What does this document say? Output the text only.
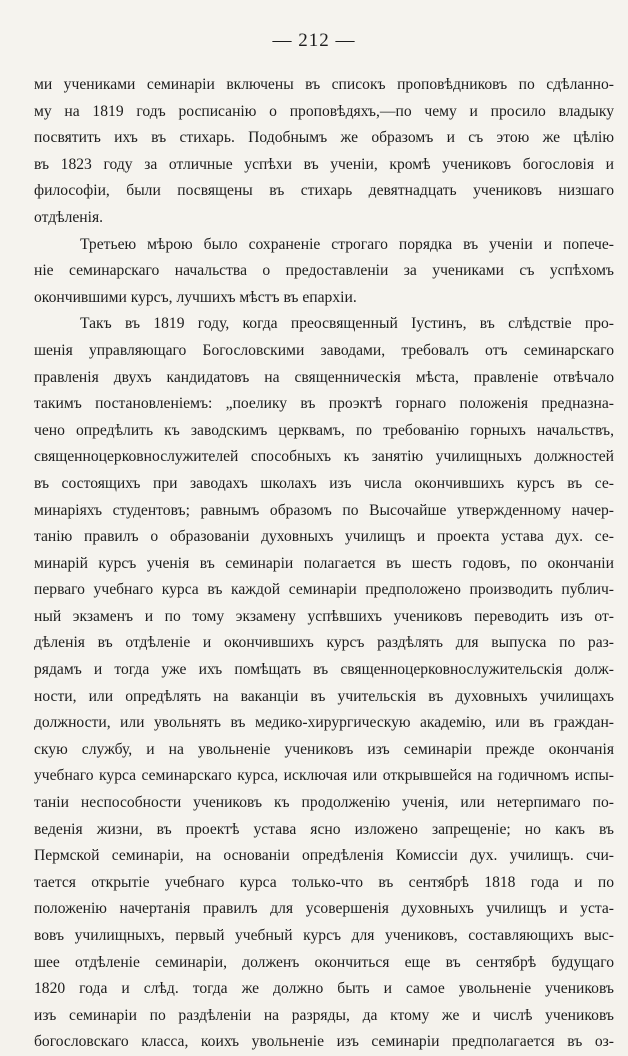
— 212 —
ми учениками семинарiи включены въ списокъ проповѣдниковъ по сдѣланно-
му на 1819 годъ росписанiю о проповѣдяхъ,—по чему и просило владыку
посвятить ихъ въ стихарь. Подобнымъ же образомъ и съ этою же цѣлiю
въ 1823 году за отличные успѣхи въ ученiи, кромѣ учениковъ богословiя и
философiи, были посвящены въ стихарь девятнадцать учениковъ низшаго
отдѣленiя.
Третьею мѣрою было сохраненiе строгаго порядка въ ученiи и попече-
нiе семинарскаго начальства о предоставленiи за учениками съ успѣхомъ
окончившими курсъ, лучшихъ мѣстъ въ епархiи.
Такъ въ 1819 году, когда преосвященный Iустинъ, въ слѣдствiе про-
шенiя управляющаго Богословскими заводами, требовалъ отъ семинарскаго
правленiя двухъ кандидатовъ на священническiя мѣста, правленiе отвѣчало
такимъ постановленiемъ: „поелику въ проэктѣ горнаго положенiя предназна-
чено опредѣлить къ заводскимъ церквамъ, по требованiю горныхъ начальствъ,
священноцерковнослужителей способныхъ къ занятiю училищныхъ должностей
въ состоящихъ при заводахъ школахъ изъ числа окончившихъ курсъ въ се-
минарiяхъ студентовъ; равнымъ образомъ по Высочайше утвержденному начер-
танiю правилъ о образованiи духовныхъ училищъ и проекта устава дух. се-
минарiй курсъ ученiя въ семинарiи полагается въ шесть годовъ, по окончанiи
перваго учебнаго курса въ каждой семинарiи предположено производить публич-
ный экзаменъ и по тому экзамену успѣвшихъ учениковъ переводить изъ от-
дѣленiя въ отдѣленiе и окончившихъ курсъ раздѣлять для выпуска по раз-
рядамъ и тогда уже ихъ помѣщать въ священноцерковнослужительскiя долж-
ности, или опредѣлять на ваканцiи въ учительскiя въ духовныхъ училищахъ
должности, или увольнять въ медико-хирургическую академiю, или въ граждан-
скую службу, и на увольненiе учениковъ изъ семинарiи прежде окончанiя
учебнаго курса семинарскаго курса, исключая или открывшейся на годичномъ испы-
танiи неспособности учениковъ къ продолженiю ученiя, или нетерпимаго по-
веденiя жизни, въ проектѣ устава ясно изложено запрещенiе; но какъ въ
Пермской семинарiи, на основанiи опредѣленiя Комиссiи дух. училищъ. счи-
тается открытiе учебнаго курса только-что въ сентябрѣ 1818 года и по
положенiю начертанiя правилъ для усовершенiя духовныхъ училищъ и уста-
вовъ училищныхъ, первый учебный курсъ для учениковъ, составляющихъ выс-
шее отдѣленiе семинарiи, долженъ окончиться еще въ сентябрѣ будущаго
1820 года и слѣд. тогда же должно быть и самое увольненiе учениковъ
изъ семинарiи по раздѣленiи на разряды, да ктому же и числѣ учениковъ
богословскаго класса, коихъ увольненiе изъ семинарiи предполагается въ оз-
